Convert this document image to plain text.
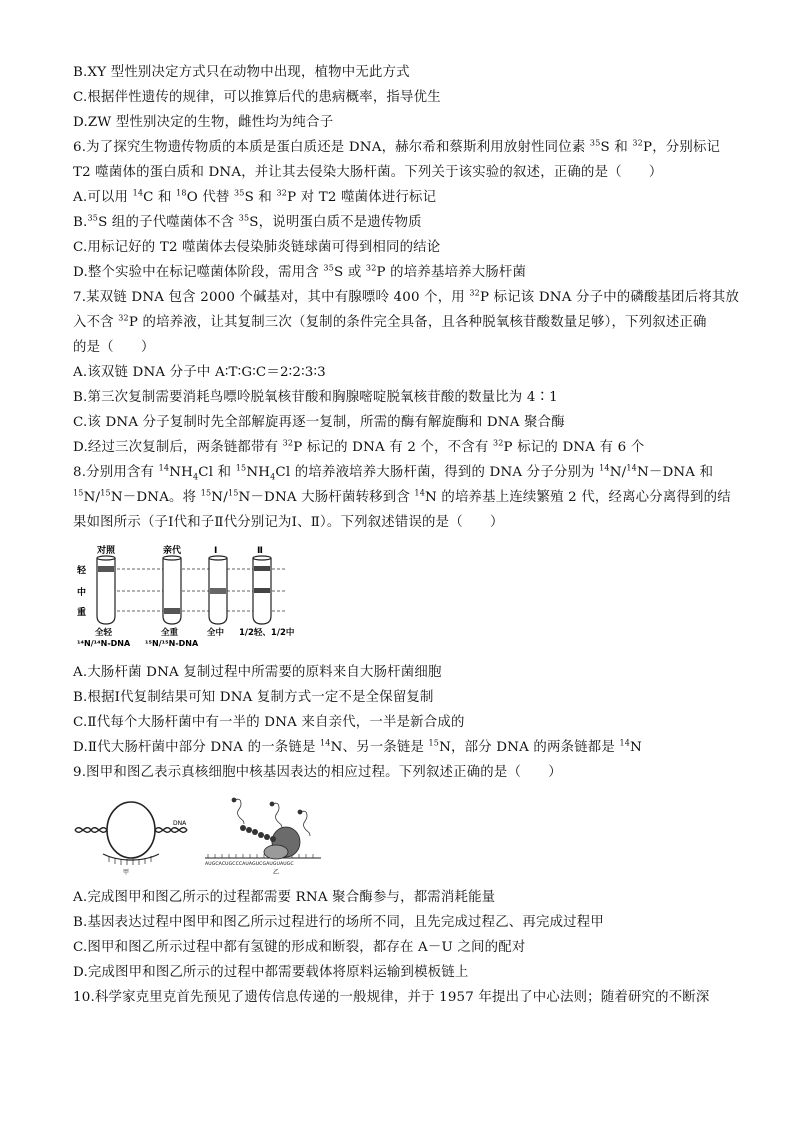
B.XY 型性别决定方式只在动物中出现，植物中无此方式
C.根据伴性遗传的规律，可以推算后代的患病概率，指导优生
D.ZW 型性别决定的生物，雌性均为纯合子
6.为了探究生物遗传物质的本质是蛋白质还是 DNA，赫尔希和蔡斯利用放射性同位素 $^{35}$S 和 $^{32}$P，分别标记
T2 噬菌体的蛋白质和 DNA，并让其去侵染大肠杆菌。下列关于该实验的叙述，正确的是（　　）
A.可以用 $^{14}$C 和 $^{18}$O 代替 $^{35}$S 和 $^{32}$P 对 T2 噬菌体进行标记
B.$^{35}$S 组的子代噬菌体不含 $^{35}$S，说明蛋白质不是遗传物质
C.用标记好的 T2 噬菌体去侵染肺炎链球菌可得到相同的结论
D.整个实验中在标记噬菌体阶段，需用含 $^{35}$S 或 $^{32}$P 的培养基培养大肠杆菌
7.某双链 DNA 包含 2000 个碱基对，其中有腺嘌呤 400 个，用 $^{32}$P 标记该 DNA 分子中的磷酸基团后将其放
入不含 $^{32}$P 的培养液，让其复制三次（复制的条件完全具备，且各种脱氧核苷酸数量足够），下列叙述正确
的是（　　）
A.该双链 DNA 分子中 A∶T∶G∶C＝2∶2∶3∶3
B.第三次复制需要消耗鸟嘌呤脱氧核苷酸和胸腺嘧啶脱氧核苷酸的数量比为 4∶1
C.该 DNA 分子复制时先全部解旋再逐一复制，所需的酶有解旋酶和 DNA 聚合酶
D.经过三次复制后，两条链都带有 $^{32}$P 标记的 DNA 有 2 个，不含有 $^{32}$P 标记的 DNA 有 6 个
8.分别用含有 $^{14}NH_4Cl$ 和 $^{15}NH_4Cl$ 的培养液培养大肠杆菌，得到的 DNA 分子分别为 $^{14}$N/$^{14}$N－DNA 和
$^{15}$N/$^{15}$N－DNA。将 $^{15}$N/$^{15}$N－DNA 大肠杆菌转移到含 $^{14}$N 的培养基上连续繁殖 2 代，经离心分离得到的结
果如图所示（子Ⅰ代和子Ⅱ代分别记为Ⅰ、Ⅱ）。下列叙述错误的是（　　）
轻
中
重
对照	亲代	Ⅰ	Ⅱ
全轻	全重	全中 1/2轻、1/2中
¹⁴N/¹⁴N-DNA ¹⁵N/¹⁵N-DNA
A.大肠杆菌 DNA 复制过程中所需要的原料来自大肠杆菌细胞
B.根据Ⅰ代复制结果可知 DNA 复制方式一定不是全保留复制
C.Ⅱ代每个大肠杆菌中有一半的 DNA 来自亲代，一半是新合成的
D.Ⅱ代大肠杆菌中部分 DNA 的一条链是 $^{14}$N、另一条链是 $^{15}$N，部分 DNA 的两条链都是 $^{14}$N
9.图甲和图乙表示真核细胞中核基因表达的相应过程。下列叙述正确的是（　　）
DNA
甲
AUGCACUGCCCAUAGUCGAUGUAUGC
乙
A.完成图甲和图乙所示的过程都需要 RNA 聚合酶参与，都需消耗能量
B.基因表达过程中图甲和图乙所示过程进行的场所不同，且先完成过程乙、再完成过程甲
C.图甲和图乙所示过程中都有氢键的形成和断裂，都存在 A－U 之间的配对
D.完成图甲和图乙所示的过程中都需要载体将原料运输到模板链上
10.科学家克里克首先预见了遗传信息传递的一般规律，并于 1957 年提出了中心法则；随着研究的不断深
